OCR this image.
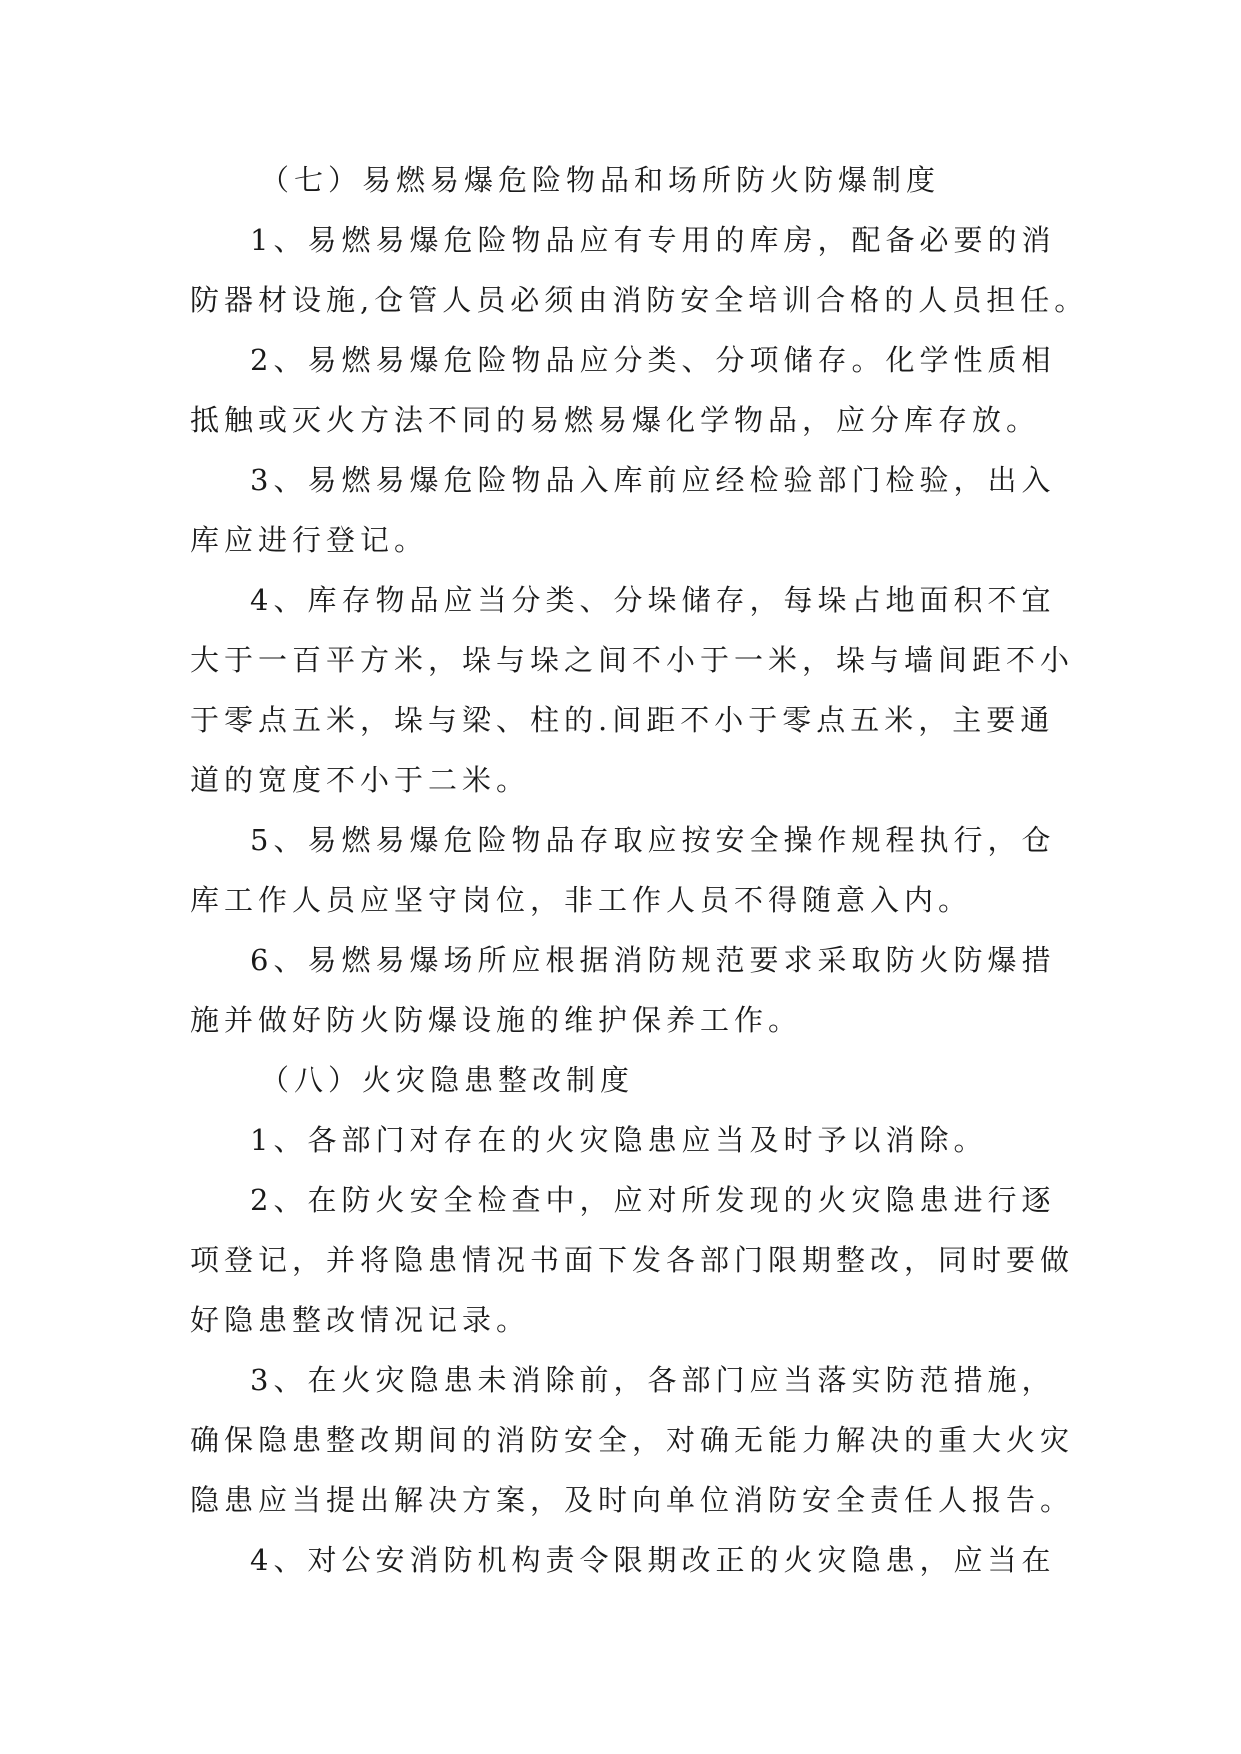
（七）易燃易爆危险物品和场所防火防爆制度
1、易燃易爆危险物品应有专用的库房，配备必要的消
防器材设施,仓管人员必须由消防安全培训合格的人员担任。
2、易燃易爆危险物品应分类、分项储存。化学性质相
抵触或灭火方法不同的易燃易爆化学物品，应分库存放。
3、易燃易爆危险物品入库前应经检验部门检验，出入
库应进行登记。
4、库存物品应当分类、分垛储存，每垛占地面积不宜
大于一百平方米，垛与垛之间不小于一米，垛与墙间距不小
于零点五米，垛与梁、柱的.间距不小于零点五米，主要通
道的宽度不小于二米。
5、易燃易爆危险物品存取应按安全操作规程执行，仓
库工作人员应坚守岗位，非工作人员不得随意入内。
6、易燃易爆场所应根据消防规范要求采取防火防爆措
施并做好防火防爆设施的维护保养工作。
（八）火灾隐患整改制度
1、各部门对存在的火灾隐患应当及时予以消除。
2、在防火安全检查中，应对所发现的火灾隐患进行逐
项登记，并将隐患情况书面下发各部门限期整改，同时要做
好隐患整改情况记录。
3、在火灾隐患未消除前，各部门应当落实防范措施，
确保隐患整改期间的消防安全，对确无能力解决的重大火灾
隐患应当提出解决方案，及时向单位消防安全责任人报告。
4、对公安消防机构责令限期改正的火灾隐患，应当在
